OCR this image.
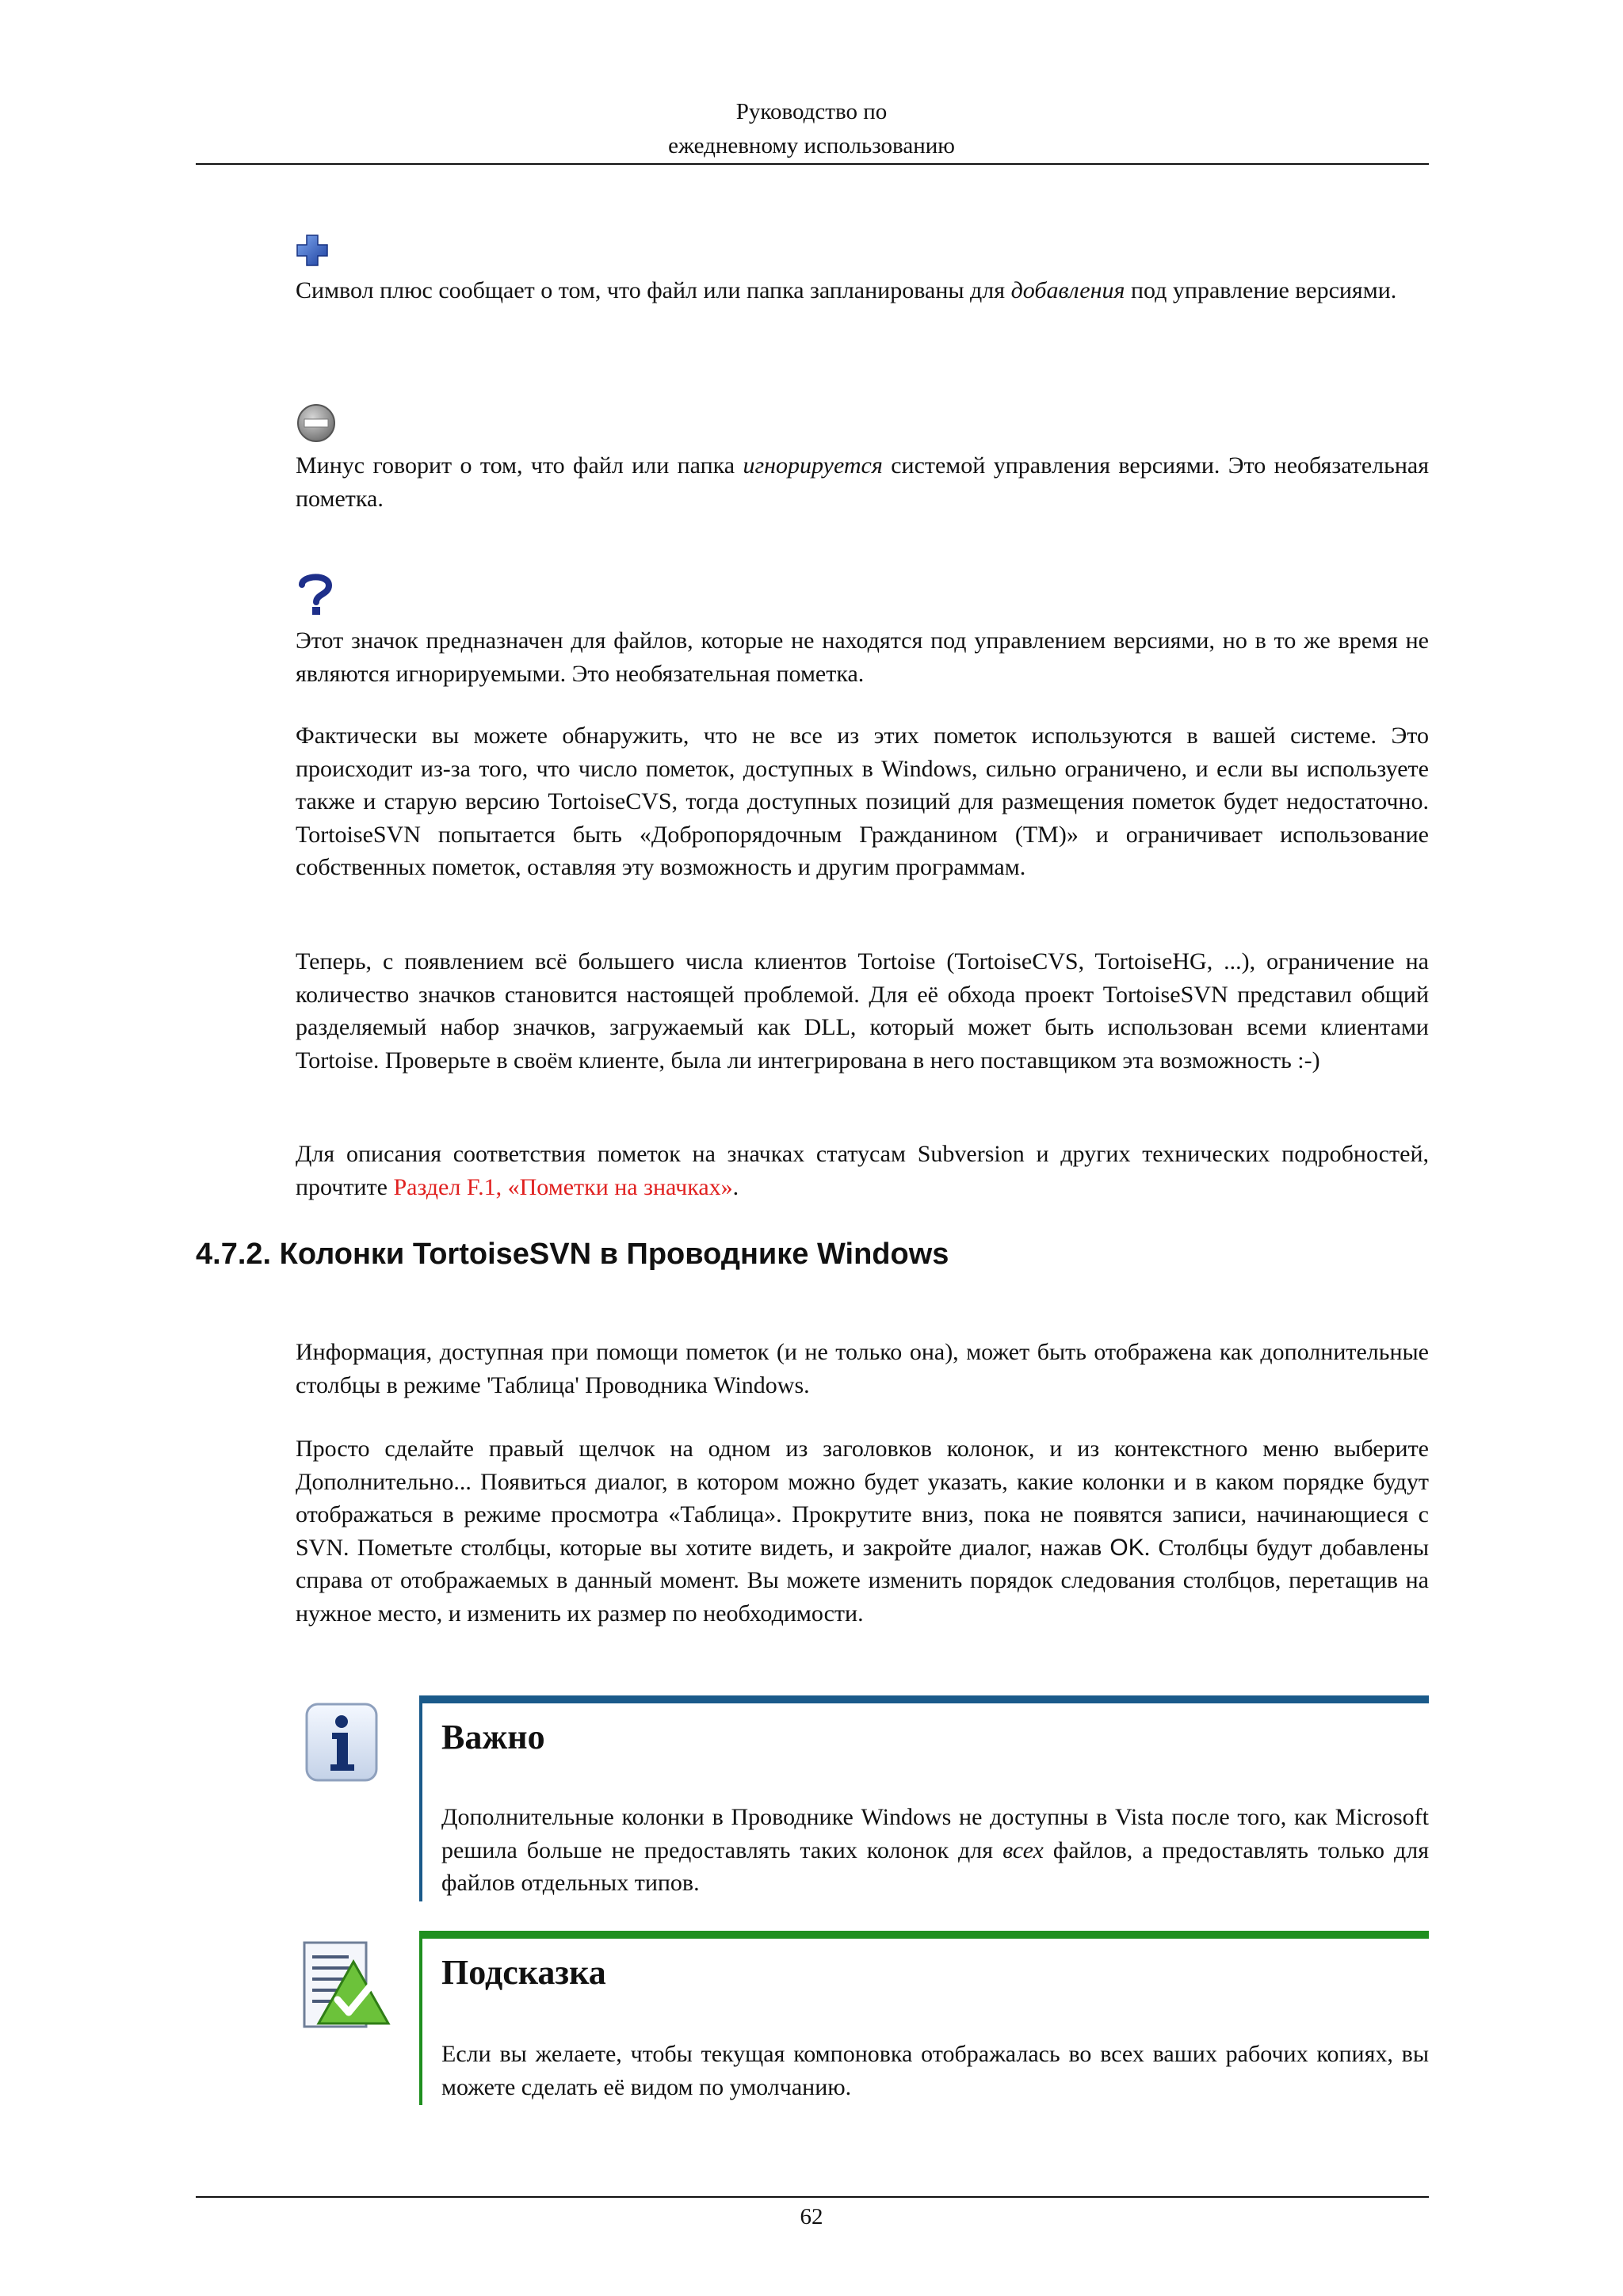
Руководство по
ежедневному использованию
Символ плюс сообщает о том, что файл или папка запланированы для добавления под управление версиями.
Минус говорит о том, что файл или папка игнорируется системой управления версиями. Это необязательная пометка.
Этот значок предназначен для файлов, которые не находятся под управлением версиями, но в то же время не являются игнорируемыми. Это необязательная пометка.
Фактически вы можете обнаружить, что не все из этих пометок используются в вашей системе. Это происходит из-за того, что число пометок, доступных в Windows, сильно ограничено, и если вы используете также и старую версию TortoiseCVS, тогда доступных позиций для размещения пометок будет недостаточно. TortoiseSVN попытается быть «Добропорядочным Гражданином (TM)» и ограничивает использование собственных пометок, оставляя эту возможность и другим программам.
Теперь, с появлением всё большего числа клиентов Tortoise (TortoiseCVS, TortoiseHG, ...), ограничение на количество значков становится настоящей проблемой. Для её обхода проект TortoiseSVN представил общий разделяемый набор значков, загружаемый как DLL, который может быть использован всеми клиентами Tortoise. Проверьте в своём клиенте, была ли интегрирована в него поставщиком эта возможность :-)
Для описания соответствия пометок на значках статусам Subversion и других технических подробностей, прочтите Раздел F.1, «Пометки на значках».
4.7.2. Колонки TortoiseSVN в Проводнике Windows
Информация, доступная при помощи пометок (и не только она), может быть отображена как дополнительные столбцы в режиме 'Таблица' Проводника Windows.
Просто сделайте правый щелчок на одном из заголовков колонок, и из контекстного меню выберите Дополнительно... Появиться диалог, в котором можно будет указать, какие колонки и в каком порядке будут отображаться в режиме просмотра «Таблица». Прокрутите вниз, пока не появятся записи, начинающиеся с SVN. Пометьте столбцы, которые вы хотите видеть, и закройте диалог, нажав OK. Столбцы будут добавлены справа от отображаемых в данный момент. Вы можете изменить порядок следования столбцов, перетащив на нужное место, и изменить их размер по необходимости.
Важно
Дополнительные колонки в Проводнике Windows не доступны в Vista после того, как Microsoft решила больше не предоставлять таких колонок для всех файлов, а предоставлять только для файлов отдельных типов.
Подсказка
Если вы желаете, чтобы текущая компоновка отображалась во всех ваших рабочих копиях, вы можете сделать её видом по умолчанию.
62
